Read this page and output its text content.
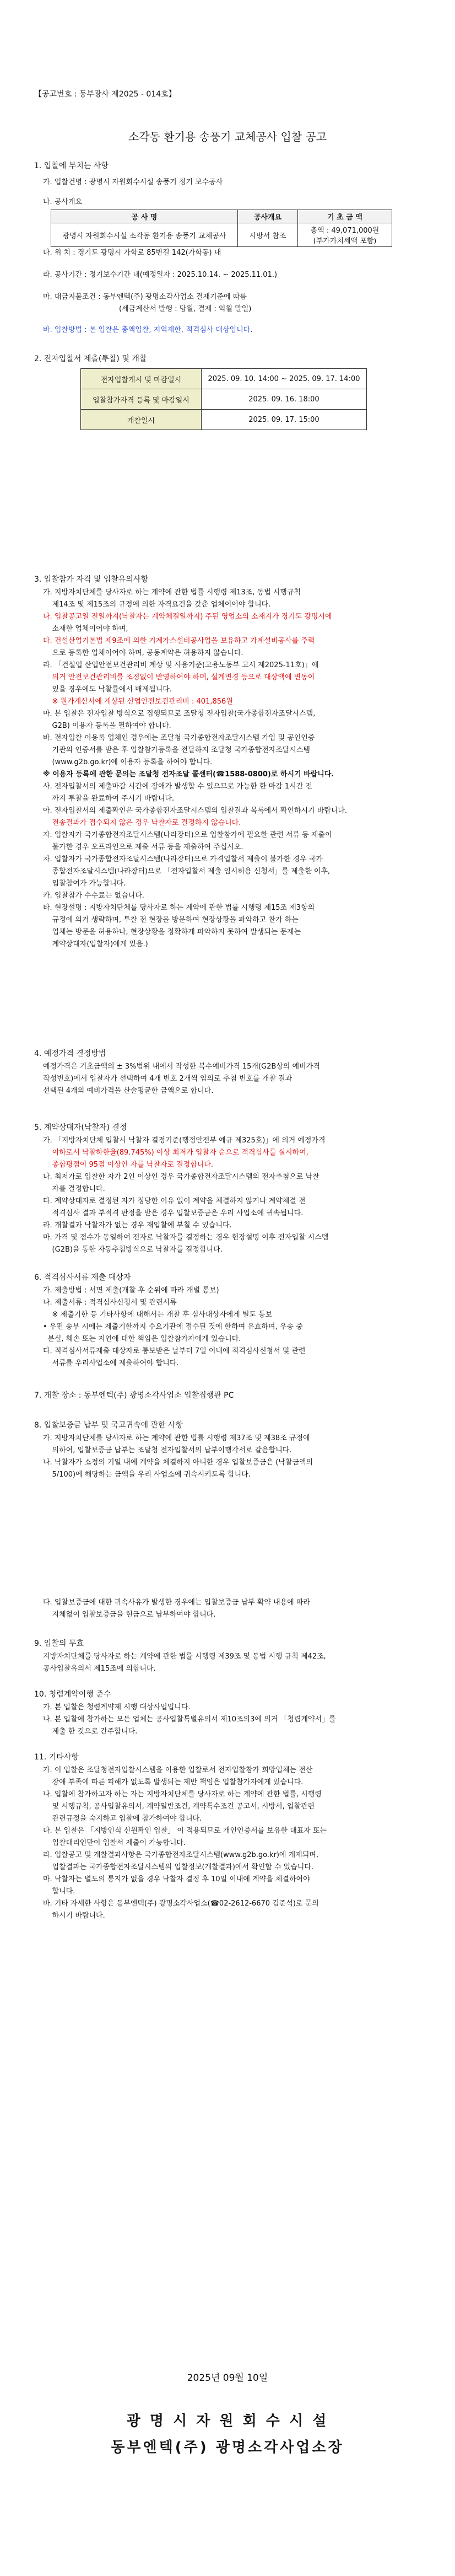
【공고번호 : 동부광사 제2025 - 014호】
소각동 환기용 송풍기 교체공사 입찰 공고
1. 입찰에 부치는 사항
가. 입찰건명 : 광명시 자원회수시설 송풍기 정기 보수공사
나. 공사개요
공 사 명	공사개요	기 초 금 액
광명시 자원회수시설 소각동 환기용 송풍기 교체공사	시방서 참조	총액 : 49,071,000원
(부가가치세액 포함)
다. 위 치 : 경기도 광명시 가학로 85번길 142(가학동) 내
라. 공사기간 : 정기보수기간 내(예정일자 : 2025.10.14. ~ 2025.11.01.)
마. 대금지불조건 : 동부엔텍(주) 광명소각사업소 결재기준에 따름
(세금계산서 발행 : 당월, 결제 : 익월 말일)
바. 입찰방법 : 본 입찰은 총액입찰, 지역제한, 적격심사 대상입니다.
2. 전자입찰서 제출(투찰) 및 개찰
전자입찰개시 및 마감일시	2025. 09. 10. 14:00 ~ 2025. 09. 17. 14:00
입찰참가자격 등록 및 마감일시	2025. 09. 16. 18:00
개찰일시	2025. 09. 17. 15:00
3. 입찰참가 자격 및 입찰유의사항
가. 지방자치단체를 당사자로 하는 계약에 관한 법률 시행령 제13조, 동법 시행규칙
제14조 및 제15조의 규정에 의한 자격요건을 갖춘 업체이어야 합니다.
나. 입찰공고일 전일까지(낙찰자는 계약체결일까지) 주된 영업소의 소재지가 경기도 광명시에
소재한 업체이어야 하며,
다. 건설산업기본법 제9조에 의한 기계가스설비공사업을 보유하고 가계설비공사를 주력
으로 등록한 업체이어야 하며, 공동계약은 허용하지 않습니다.
라. 「건설업 산업안전보건관리비 계상 및 사용기준(고용노동부 고시 제2025-11호)」에
의거 안전보건관리비를 조정없이 반영하여야 하며, 설계변경 등으로 대상액에 변동이
있을 경우에도 낙찰률에서 배제됩니다.
※ 원가계산서에 계상된 산업안전보건관리비 : 401,856원
마. 본 입찰은 전자입찰 방식으로 집행되므로 조달청 전자입찰(국가종합전자조달시스템,
G2B) 이용자 등록을 필하여야 합니다.
바. 전자입찰 이용록 업체인 경우에는 조달청 국가종합전자조달시스템 가입 및 공인인증
기관의 인증서를 받은 후 입찰참가등록을 전달하지 조달청 국가종합전자조달시스템
(www.g2b.go.kr)에 이용자 등록을 하여야 합니다.
※ 이용자 등록에 관한 문의는 조달청 전자조달 콜센터(☎1588-0800)로 하시기 바랍니다.
사. 전자입찰서의 제출마감 시간에 장애가 발생할 수 있으므로 가능한 한 마감 1시간 전
까지 투찰을 완료하여 주시기 바랍니다.
아. 전자입찰서의 제출확인은 국가종합전자조달시스템의 입찰결과 목록에서 확인하시기 바랍니다.
전송결과가 접수되지 않은 경우 낙찰자로 결정하지 않습니다.
자. 입찰자가 국가종합전자조달시스템(나라장터)으로 입찰참가에 필요한 관련 서류 등 제출이
불가한 경우 오프라인으로 제출 서류 등을 제출하여 주십시오.
차. 입찰자가 국가종합전자조달시스템(나라장터)으로 가격입찰서 제출이 불가한 경우 국가
종합전자조달시스템(나라장터)으로 「전자입찰서 제출 임시허용 신청서」를 제출한 이후,
입찰참여가 가능합니다.
카. 입찰참가 수수료는 없습니다.
타. 현장설명 : 지방자치단체를 당사자로 하는 계약에 관한 법률 시행령 제15조 제3항의
규정에 의거 생략하며, 투찰 전 현장을 방문하여 현장상황을 파악하고 찬가 하는
업체는 방문을 허용하나, 현장상황을 정확하게 파악하지 못하여 발생되는 문제는
계약상대자(입찰자)에게 있음.)
4. 예정가격 결정방법
예정가격은 기초금액의 ± 3%범위 내에서 작성한 복수예비가격 15개(G2B상의 예비가격
작성번호)에서 입찰자가 선택하여 4개 번호 2개씩 임의로 추첨 번호를 개찰 결과
선택된 4개의 예비가격을 산술평균한 금액으로 합니다.
5. 계약상대자(낙찰자) 결정
가. 「지방자치단체 입찰시 낙찰자 결정기준(행정안전부 예규 제325호)」에 의거 예정가격
이하로서 낙찰하한율(89.745%) 이상 최저가 입찰자 순으로 적격심사를 실시하여,
종합평점이 95점 이상인 자를 낙찰자로 결정합니다.
나. 최저가로 입찰한 자가 2인 이상인 경우 국가종합전자조달시스템의 전자추첨으로 낙찰
자를 결정합니다.
다. 계약상대자로 결정된 자가 정당한 이유 없이 계약을 체결하지 않거나 계약체결 전
적격심사 결과 부적격 판정을 받은 경우 입찰보증금은 우리 사업소에 귀속됩니다.
라. 개찰결과 낙찰자가 없는 경우 재입찰에 부칠 수 있습니다.
마. 가격 및 점수가 동일하여 전자로 낙찰자를 결정하는 경우 현장설명 이후 전자입찰 시스템
(G2B)을 통한 자동추첨방식으로 낙찰자를 결정합니다.
6. 적격심사서류 제출 대상자
가. 제출방법 : 서면 제출(개찰 후 순위에 따라 개별 통보)
나. 제출서류 : 적격심사신청서 및 관련서류
※ 제출기한 등 기타사항에 대해서는 개찰 후 심사대상자에게 별도 통보
• 우편 송부 시에는 제출기한까지 수요기관에 접수된 것에 한하여 유효하며, 우송 중
분실, 훼손 또는 지연에 대한 책임은 입찰참가자에게 있습니다.
다. 적격심사서류제출 대상자로 통보받은 날부터 7일 이내에 적격심사신청서 및 관련
서류를 우리사업소에 제출하여야 합니다.
7. 개찰 장소 : 동부엔텍(주) 광명소각사업소 입찰집행관 PC
8. 입찰보증금 납부 및 국고귀속에 관한 사항
가. 지방자치단체를 당사자로 하는 계약에 관한 법률 시행령 제37조 및 제38조 규정에
의하여, 입찰보증금 납부는 조달청 전자입찰서의 납부이행각서로 갈음합니다.
나. 낙찰자가 소정의 기일 내에 계약을 체결하지 아니한 경우 입찰보증금은 (낙찰금액의
5/100)에 해당하는 금액을 우리 사업소에 귀속시키도록 합니다.
다. 입찰보증금에 대한 귀속사유가 발생한 경우에는 입찰보증금 납부 확약 내용에 따라
지체없이 입찰보증금을 현금으로 납부하여야 합니다.
9. 입찰의 무효
지방자치단체를 당사자로 하는 계약에 관한 법률 시행령 제39조 및 동법 시행 규칙 제42조,
공사입찰유의서 제15조에 의합니다.
10. 청렴계약이행 준수
가. 본 입찰은 청렴계약제 시행 대상사업입니다.
나. 본 입찰에 참가하는 모든 업체는 공사입찰특별유의서 제10조의3에 의거 「청렴계약서」를
제출 한 것으로 간주합니다.
11. 기타사항
가. 이 입찰은 조달청전자입찰시스템을 이용한 입찰로서 전자입찰참가 희망업체는 전산
장애 부족에 따른 피해가 없도록 발생되는 제반 책임은 입찰참가자에게 있습니다.
나. 입찰에 참가하고자 하는 자는 지방자치단체를 당사자로 하는 계약에 관한 법률, 시행령
및 시행규칙, 공사입찰유의서, 계약일반조건, 계약특수조건 공고서, 시방서, 입찰관련
관련규정을 숙지하고 입찰에 참가하여야 합니다.
다. 본 입찰은 「지방인식 신원확인 입찰」 이 적용되므로 개인인증서를 보유한 대표자 또는
입찰대리인만이 입찰서 제출이 가능합니다.
라. 입찰공고 및 개찰결과사항은 국가종합전자조달시스템(www.g2b.go.kr)에 게재되며,
입찰결과는 국가종합전자조달시스템의 입찰정보(개찰결과)에서 확인할 수 있습니다.
마. 낙찰자는 별도의 통지가 없을 경우 낙찰자 결정 후 10일 이내에 계약을 체결하여야
합니다.
바. 기타 자세한 사항은 동부엔텍(주) 광명소각사업소(☎02-2612-6670 김준석)로 문의
하시기 바랍니다.
2025년 09월 10일
광 명 시 자 원 회 수 시 설
동부엔텍(주) 광명소각사업소장
